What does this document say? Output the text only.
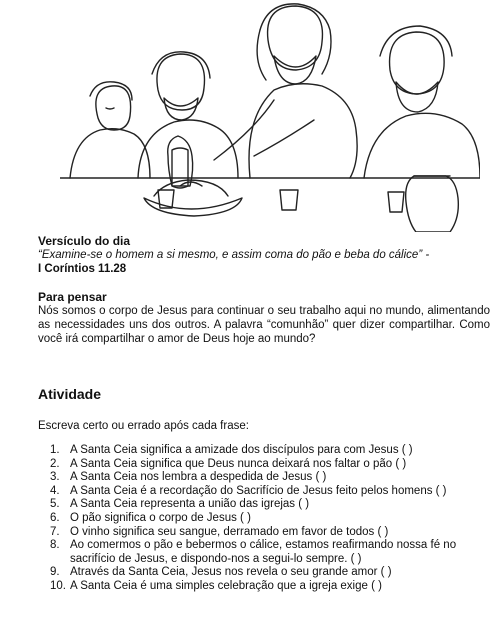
Versículo do dia
“Examine-se o homem a si mesmo, e assim coma do pão e beba do cálice” -
I Coríntios 11.28
Para pensar
Nós somos o corpo de Jesus para continuar o seu trabalho aqui no mundo, alimentando as necessidades uns dos outros. A palavra “comunhão” quer dizer compartilhar. Como você irá compartilhar o amor de Deus hoje ao mundo?
Atividade
Escreva certo ou errado após cada frase:
1. A Santa Ceia significa a amizade dos discípulos para com Jesus ( )
2. A Santa Ceia significa que Deus nunca deixará nos faltar o pão ( )
3. A Santa Ceia nos lembra a despedida de Jesus ( )
4. A Santa Ceia é a recordação do Sacrifício de Jesus feito pelos homens ( )
5. A Santa Ceia representa a união das igrejas ( )
6. O pão significa o corpo de Jesus ( )
7. O vinho significa seu sangue, derramado em favor de todos ( )
8. Ao comermos o pão e bebermos o cálice, estamos reafirmando nossa fé no sacrifício de Jesus, e dispondo-nos a segui-lo sempre. ( )
9. Através da Santa Ceia, Jesus nos revela o seu grande amor ( )
10. A Santa Ceia é uma simples celebração que a igreja exige ( )
